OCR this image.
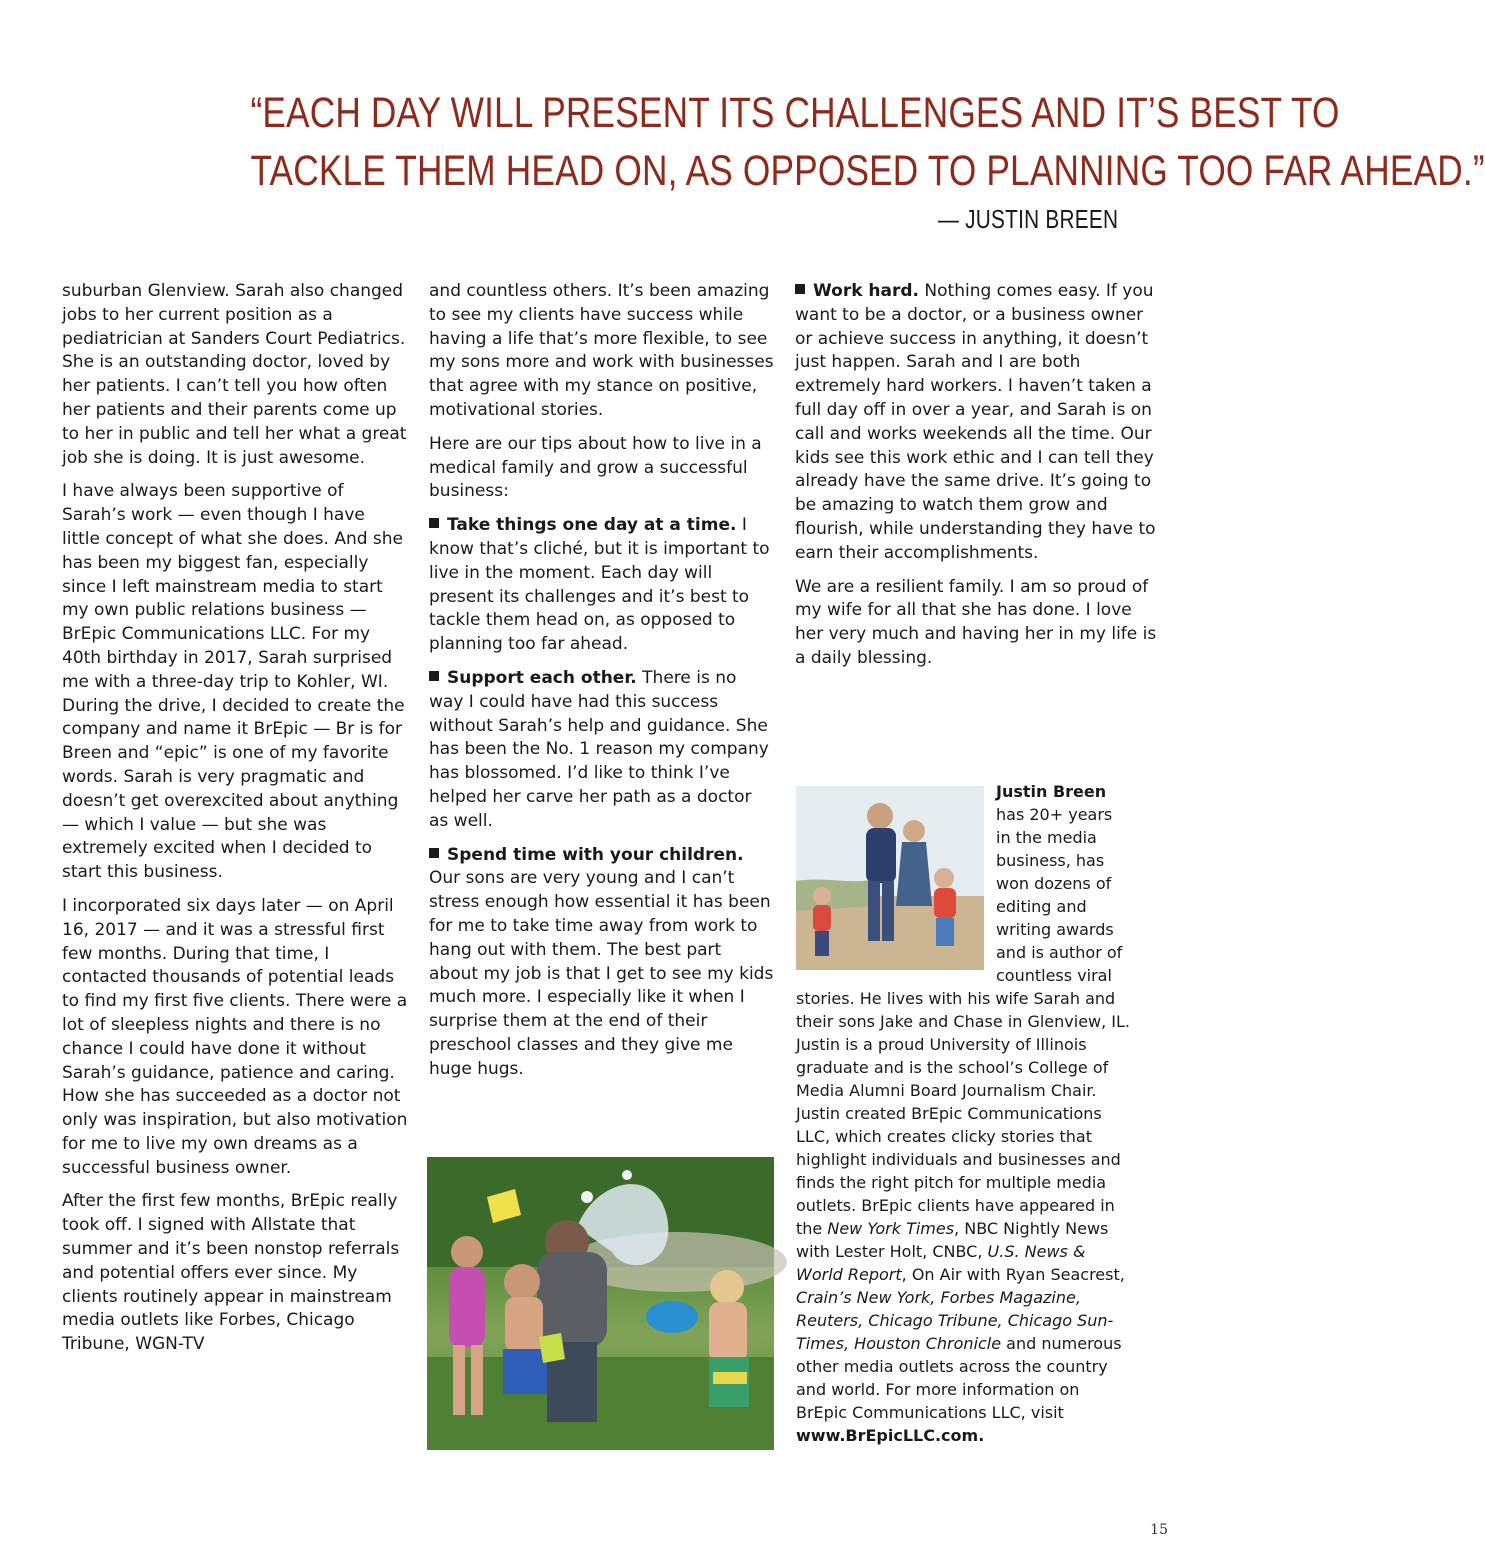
“EACH DAY WILL PRESENT ITS CHALLENGES AND IT’S BEST TO
TACKLE THEM HEAD ON, AS OPPOSED TO PLANNING TOO FAR AHEAD.”
— JUSTIN BREEN

suburban Glenview. Sarah also changed jobs to her current position as a pediatrician at Sanders Court Pediatrics. She is an outstanding doctor, loved by her patients. I can’t tell you how often her patients and their parents come up to her in public and tell her what a great job she is doing. It is just awesome.

I have always been supportive of Sarah’s work — even though I have little concept of what she does. And she has been my biggest fan, especially since I left mainstream media to start my own public relations business — BrEpic Communications LLC. For my 40th birthday in 2017, Sarah surprised me with a three-day trip to Kohler, WI. During the drive, I decided to create the company and name it BrEpic — Br is for Breen and “epic” is one of my favorite words. Sarah is very pragmatic and doesn’t get overexcited about anything — which I value — but she was extremely excited when I decided to start this business.

I incorporated six days later — on April 16, 2017 — and it was a stressful first few months. During that time, I contacted thousands of potential leads to find my first five clients. There were a lot of sleepless nights and there is no chance I could have done it without Sarah’s guidance, patience and caring. How she has succeeded as a doctor not only was inspiration, but also motivation for me to live my own dreams as a successful business owner.

After the first few months, BrEpic really took off. I signed with Allstate that summer and it’s been nonstop referrals and potential offers ever since. My clients routinely appear in mainstream media outlets like Forbes, Chicago Tribune, WGN-TV

and countless others. It’s been amazing to see my clients have success while having a life that’s more flexible, to see my sons more and work with businesses that agree with my stance on positive, motivational stories.

Here are our tips about how to live in a medical family and grow a successful business:

Take things one day at a time. I know that’s cliché, but it is important to live in the moment. Each day will present its challenges and it’s best to tackle them head on, as opposed to planning too far ahead.

Support each other. There is no way I could have had this success without Sarah’s help and guidance. She has been the No. 1 reason my company has blossomed. I’d like to think I’ve helped her carve her path as a doctor as well.

Spend time with your children. Our sons are very young and I can’t stress enough how essential it has been for me to take time away from work to hang out with them. The best part about my job is that I get to see my kids much more. I especially like it when I surprise them at the end of their preschool classes and they give me huge hugs.

Work hard. Nothing comes easy. If you want to be a doctor, or a business owner or achieve success in anything, it doesn’t just happen. Sarah and I are both extremely hard workers. I haven’t taken a full day off in over a year, and Sarah is on call and works weekends all the time. Our kids see this work ethic and I can tell they already have the same drive. It’s going to be amazing to watch them grow and flourish, while understanding they have to earn their accomplishments.

We are a resilient family. I am so proud of my wife for all that she has done. I love her very much and having her in my life is a daily blessing.

Justin Breen has 20+ years in the media business, has won dozens of editing and writing awards and is author of countless viral stories. He lives with his wife Sarah and their sons Jake and Chase in Glenview, IL. Justin is a proud University of Illinois graduate and is the school’s College of Media Alumni Board Journalism Chair. Justin created BrEpic Communications LLC, which creates clicky stories that highlight individuals and businesses and finds the right pitch for multiple media outlets. BrEpic clients have appeared in the New York Times, NBC Nightly News with Lester Holt, CNBC, U.S. News & World Report, On Air with Ryan Seacrest, Crain’s New York, Forbes Magazine, Reuters, Chicago Tribune, Chicago Sun-Times, Houston Chronicle and numerous other media outlets across the country and world. For more information on BrEpic Communications LLC, visit www.BrEpicLLC.com.
15
